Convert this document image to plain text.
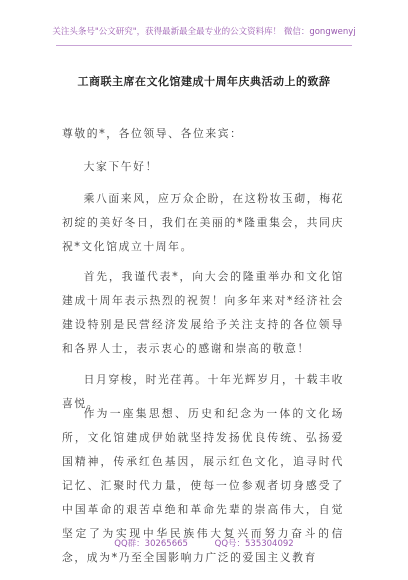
关注头条号"公文研究"，获得最新最全最专业的公文资料库！ 微信：gongwenyj
工商联主席在文化馆建成十周年庆典活动上的致辞
尊敬的*，各位领导、各位来宾：
大家下午好！
乘八面来风，应万众企盼，在这粉妆玉砌，梅花初绽的美好冬日，我们在美丽的*隆重集会，共同庆祝*文化馆成立十周年。
首先，我谨代表*，向大会的隆重举办和文化馆建成十周年表示热烈的祝贺！向多年来对*经济社会建设特别是民营经济发展给予关注支持的各位领导和各界人士，表示衷心的感谢和崇高的敬意！
日月穿梭，时光荏苒。十年光辉岁月，十载丰收喜悦。
作为一座集思想、历史和纪念为一体的文化场所，文化馆建成伊始就坚持发扬优良传统、弘扬爱国精神，传承红色基因，展示红色文化，追寻时代记忆、汇聚时代力量，使每一位参观者切身感受了中国革命的艰苦卓绝和革命先辈的崇高伟大，自觉坚定了为实现中华民族伟大复兴而努力奋斗的信念，成为*乃至全国影响力广泛的爱国主义教育
QQ群：30265665	QQ号：535304092
